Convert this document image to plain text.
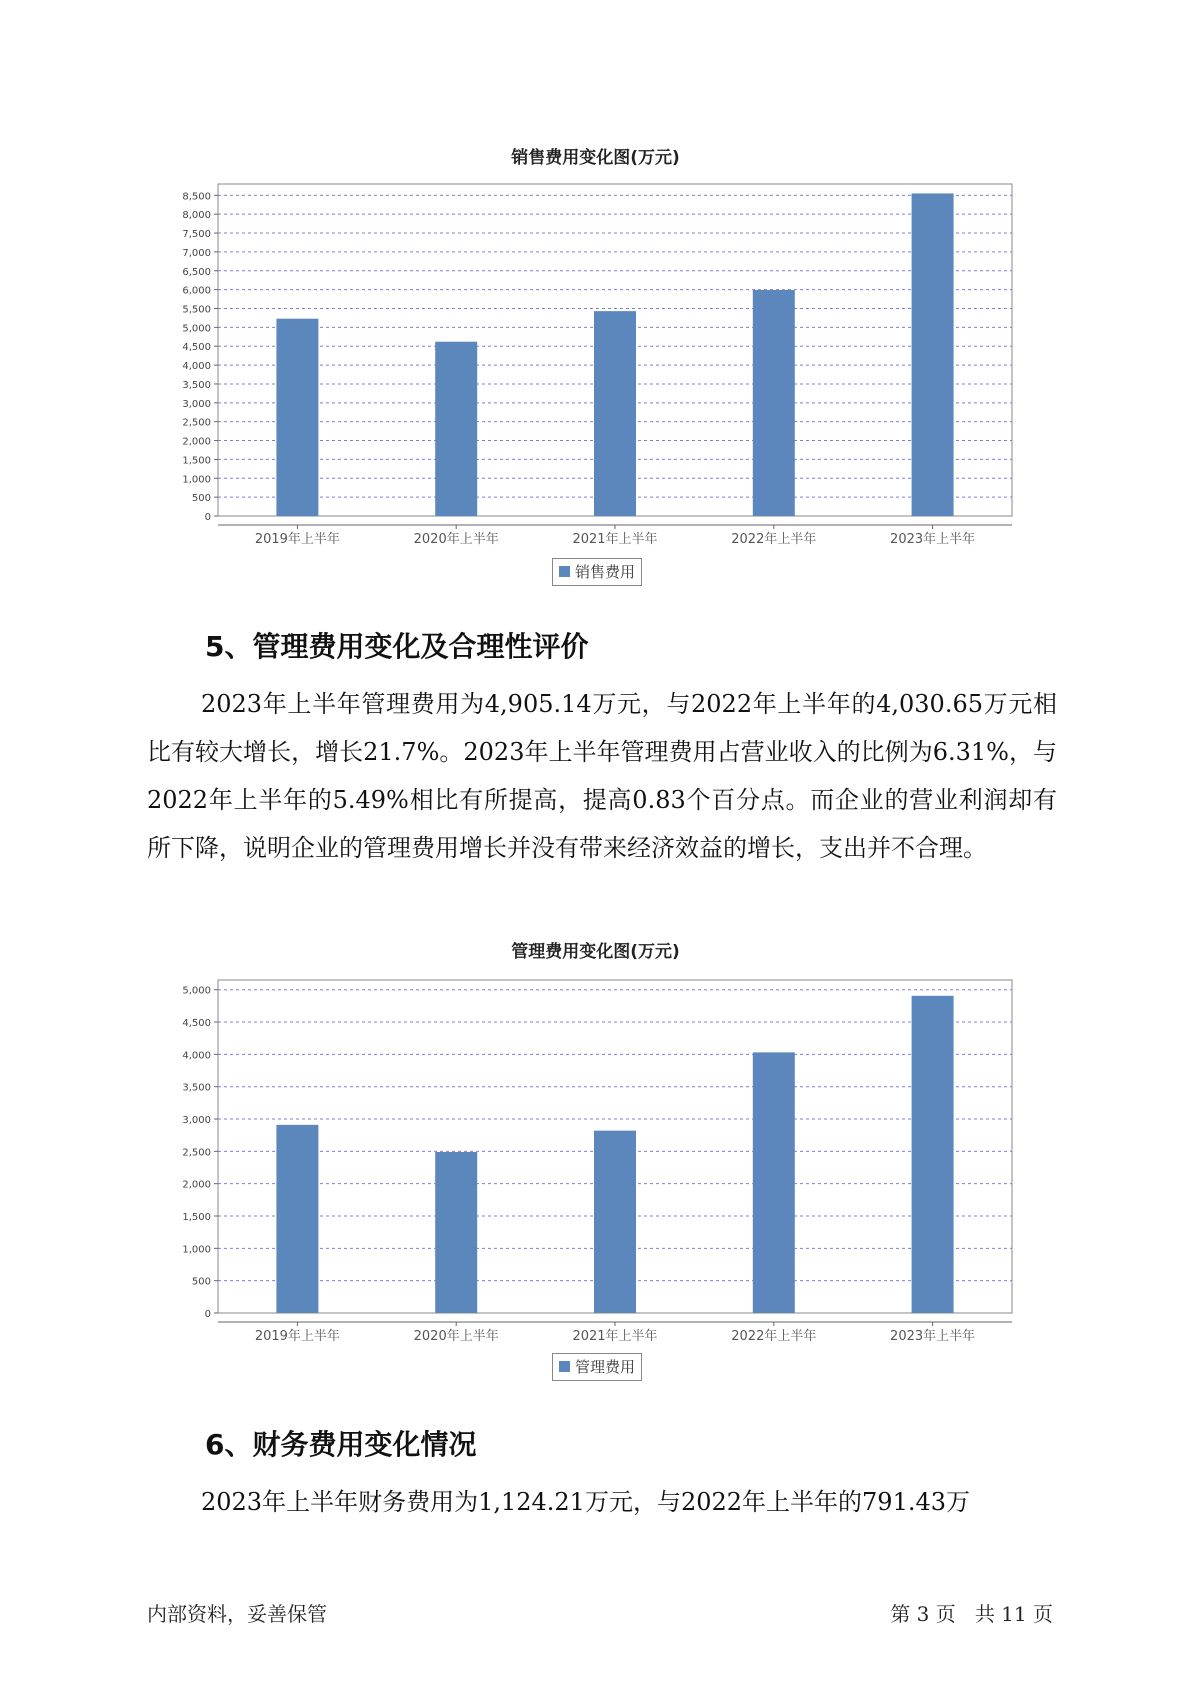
销售费用变化图(万元)
0
500
1,000
1,500
2,000
2,500
3,000
3,500
4,000
4,500
5,000
5,500
6,000
6,500
7,000
7,500
8,000
8,500
2019年上半年	2020年上半年	2021年上半年	2022年上半年	2023年上半年
销售费用
5、管理费用变化及合理性评价

2023年上半年管理费用为4,905.14万元，与2022年上半年的4,030.65万元相比有较大增长，增长21.7%。2023年上半年管理费用占营业收入的比例为6.31%，与2022年上半年的5.49%相比有所提高，提高0.83个百分点。而企业的营业利润却有所下降，说明企业的管理费用增长并没有带来经济效益的增长，支出并不合理。

管理费用变化图(万元)
0
500
1,000
1,500
2,000
2,500
3,000
3,500
4,000
4,500
5,000
2019年上半年	2020年上半年	2021年上半年	2022年上半年	2023年上半年
管理费用
6、财务费用变化情况

2023年上半年财务费用为1,124.21万元，与2022年上半年的791.43万

内部资料，妥善保管	第 3 页   共 11 页
